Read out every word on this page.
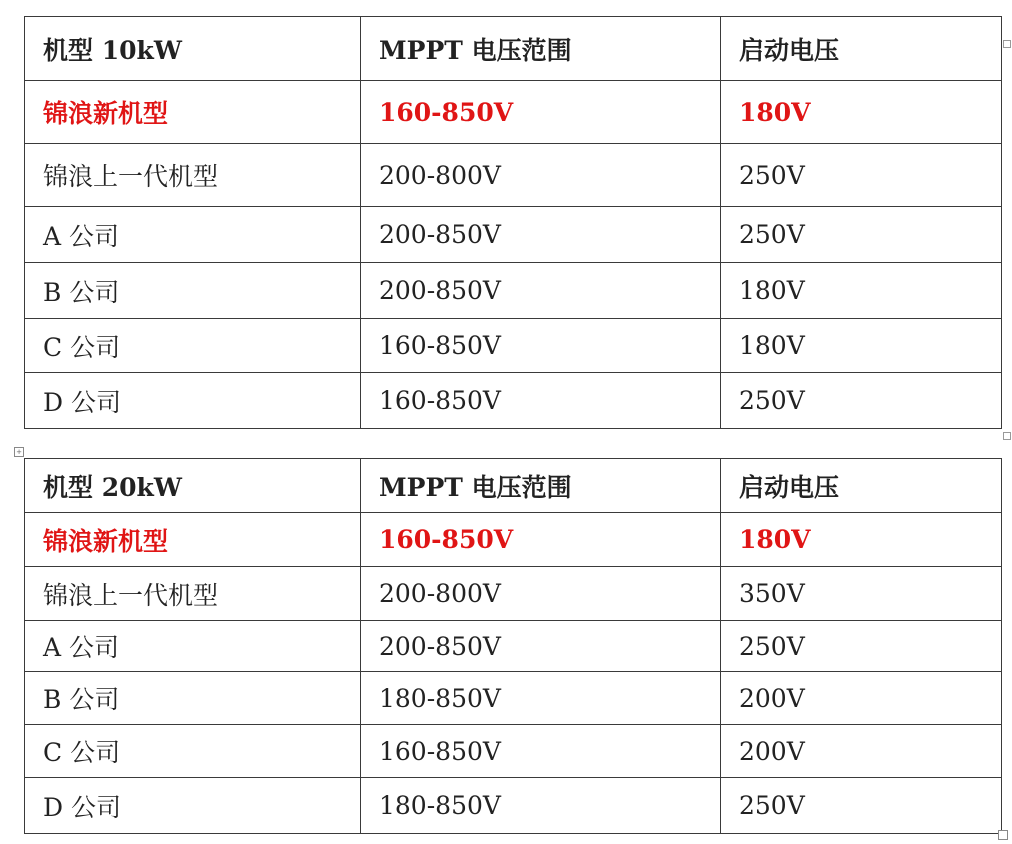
机型 10kW	MPPT 电压范围	启动电压
锦浪新机型	160-850V	180V
锦浪上一代机型	200-800V	250V
A 公司	200-850V	250V
B 公司	200-850V	180V
C 公司	160-850V	180V
D 公司	160-850V	250V
+
机型 20kW	MPPT 电压范围	启动电压
锦浪新机型	160-850V	180V
锦浪上一代机型	200-800V	350V
A 公司	200-850V	250V
B 公司	180-850V	200V
C 公司	160-850V	200V
D 公司	180-850V	250V
